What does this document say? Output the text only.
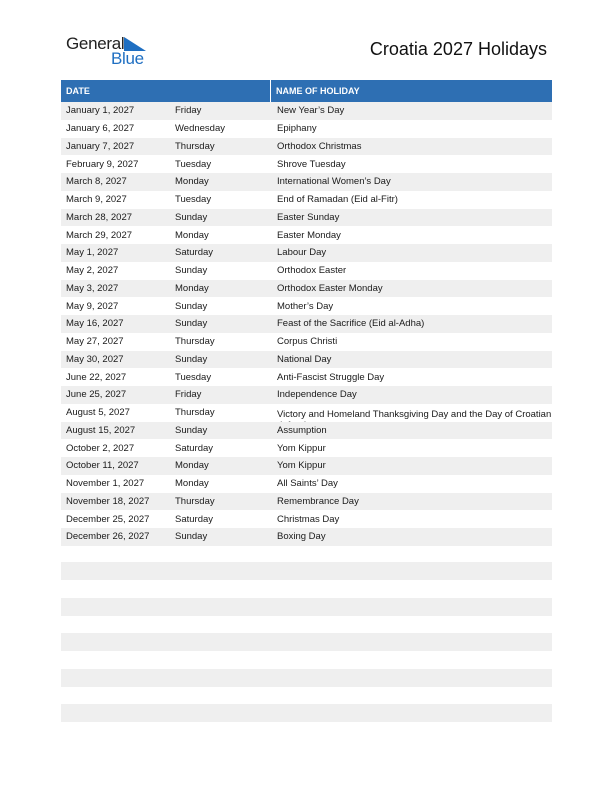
General
Blue	Croatia 2027 Holidays
DATE	NAME OF HOLIDAY
January 1, 2027	Friday	New Year’s Day
January 6, 2027	Wednesday	Epiphany
January 7, 2027	Thursday	Orthodox Christmas
February 9, 2027	Tuesday	Shrove Tuesday
March 8, 2027	Monday	International Women’s Day
March 9, 2027	Tuesday	End of Ramadan (Eid al-Fitr)
March 28, 2027	Sunday	Easter Sunday
March 29, 2027	Monday	Easter Monday
May 1, 2027	Saturday	Labour Day
May 2, 2027	Sunday	Orthodox Easter
May 3, 2027	Monday	Orthodox Easter Monday
May 9, 2027	Sunday	Mother’s Day
May 16, 2027	Sunday	Feast of the Sacrifice (Eid al-Adha)
May 27, 2027	Thursday	Corpus Christi
May 30, 2027	Sunday	National Day
June 22, 2027	Tuesday	Anti-Fascist Struggle Day
June 25, 2027	Friday	Independence Day
August 5, 2027	Thursday	Victory and Homeland Thanksgiving Day and the Day of Croatian
August 15, 2027	Sunday	Assumption
October 2, 2027	Saturday	Yom Kippur
October 11, 2027	Monday	Yom Kippur
November 1, 2027	Monday	All Saints’ Day
November 18, 2027	Thursday	Remembrance Day
December 25, 2027	Saturday	Christmas Day
December 26, 2027	Sunday	Boxing Day
